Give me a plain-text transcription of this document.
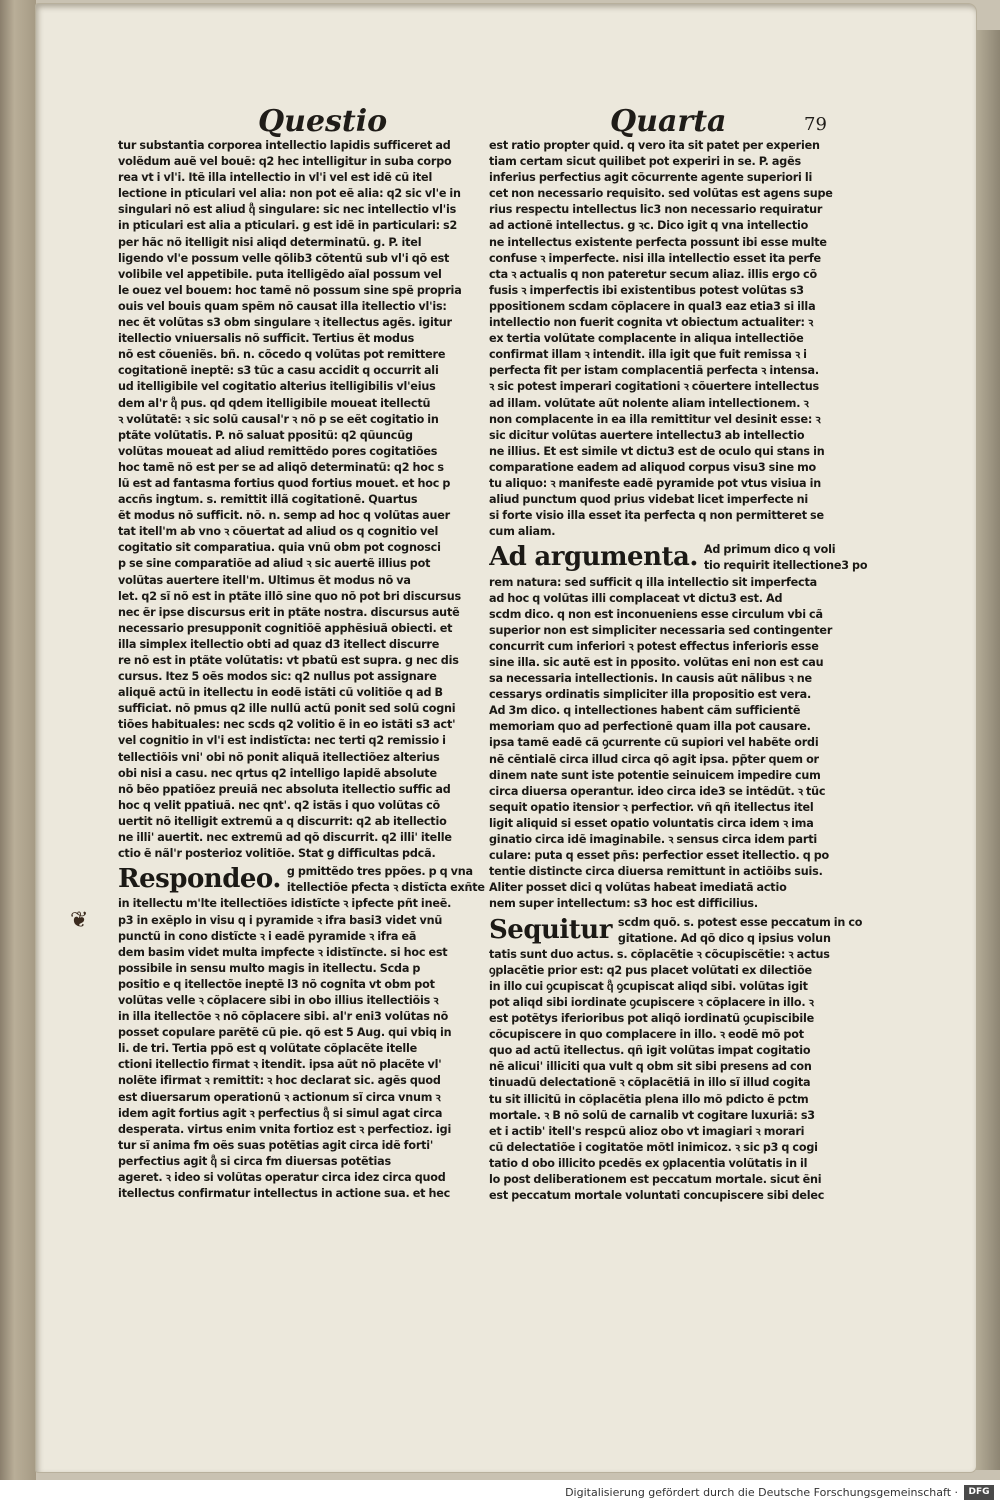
Questio	Quarta	79
❦
tur substantia corporea intellectio lapidis sufficeret ad
volẽdum auẽ vel bouẽ: q2 hec intelligitur in suba corpo
rea vt i vl'i. Itẽ illa intellectio in vl'i vel est idẽ cũ itel
lectione in pticulari vel alia: non pot eẽ alia: q2 sic vl'e in
singulari nõ est aliud qͣ singulare: sic nec intellectio vl'is
in pticulari est alia a pticulari. g est idẽ in particulari: s2
per hãc nõ itelligit nisi aliqd determinatũ. g. P. itel
ligendo vl'e possum velle qõlib3 cõtentũ sub vl'i qõ est
volibile vel appetibile. puta itelligẽdo aĩal possum vel
le ouez vel bouem: hoc tamẽ nõ possum sine spẽ propria
ouis vel bouis quam spẽm nõ causat illa itellectio vl'is:
nec ẽt volũtas s3 obm singulare ꝛ itellectus agẽs. igitur
itellectio vniuersalis nõ sufficit. Tertius ẽt modus
nõ est cõueniẽs. bñ. n. cõcedo q volũtas pot remittere
cogitationẽ ineptẽ: s3 tũc a casu accidit q occurrit ali
ud itelligibile vel cogitatio alterius itelligibilis vl'eius
dem al'r qͣ pus. qd qdem itelligibile moueat itellectũ
ꝛ volũtatẽ: ꝛ sic solũ causal'r ꝛ nõ p se eẽt cogitatio in
ptãte volũtatis. P. nõ saluat ppositũ: q2 qũuncũg
volũtas moueat ad aliud remittẽdo pores cogitatiões
hoc tamẽ nõ est per se ad aliqõ determinatũ: q2 hoc s
lũ est ad fantasma fortius quod fortius mouet. et hoc p
accñs ingtum. s. remittit illã cogitationẽ. Quartus
ẽt modus nõ sufficit. nõ. n. semp ad hoc q volũtas auer
tat itell'm ab vno ꝛ cõuertat ad aliud os q cognitio vel
cogitatio sit comparatiua. quia vnũ obm pot cognosci
p se sine comparatiõe ad aliud ꝛ sic auertẽ illius pot
volũtas auertere itell'm. Ultimus ẽt modus nõ va
let. q2 sĩ nõ est in ptãte illõ sine quo nõ pot bri discursus
nec ẽr ipse discursus erit in ptãte nostra. discursus autẽ
necessario presupponit cognitiõẽ apphẽsiuã obiecti. et
illa simplex itellectio obti ad quaz d3 itellect discurre
re nõ est in ptãte volũtatis: vt pbatũ est supra. g nec dis
cursus. Itez 5 oẽs modos sic: q2 nullus pot assignare
aliquẽ actũ in itellectu in eodẽ istãti cũ volitiõe q ad B
sufficiat. nõ pmus q2 ille nullũ actũ ponit sed solũ cogni
tiões habituales: nec scds q2 volitio ẽ in eo istãti s3 act'
vel cognitio in vl'i est indistĩcta: nec terti q2 remissio i
tellectiõis vni' obi nõ ponit aliquã itellectiõez alterius
obi nisi a casu. nec qrtus q2 intelligo lapidẽ absolute
nõ bẽo ppatiõez preuiã nec absoluta itellectio suffic ad
hoc q velit ppatiuã. nec qnt'. q2 istãs i quo volũtas cõ
uertit nõ itelligit extremũ a q discurrit: q2 ab itellectio
ne illi' auertit. nec extremũ ad qõ discurrit. q2 illi' itelle
ctio ẽ nãl'r posterioz volitiõe. Stat g difficultas pdcã.
Respondeo. g pmittẽdo tres ppões. p q vna
itellectiõe pfecta ꝛ distĩcta exñte
in itellectu m'lte itellectiões idistĩcte ꝛ ipfecte pñt ineẽ.
p3 in exẽplo in visu q i pyramide ꝛ ifra basi3 videt vnũ
punctũ in cono distĩcte ꝛ i eadẽ pyramide ꝛ ifra eã
dem basim videt multa impfecte ꝛ idistĩncte. si hoc est
possibile in sensu multo magis in itellectu. Scda p
positio e q itellectõe ineptẽ l3 nõ cognita vt obm pot
volũtas velle ꝛ cõplacere sibi in obo illius itellectiõis ꝛ
in illa itellectõe ꝛ nõ cõplacere sibi. al'r eni3 volũtas nõ
posset copulare parẽtẽ cũ pie. qõ est 5 Aug. qui vbiq in
li. de tri. Tertia ppõ est q volũtate cõplacẽte itelle
ctioni itellectio firmat ꝛ itendit. ipsa aũt nõ placẽte vl'
nolẽte ifirmat ꝛ remittit: ꝛ hoc declarat sic. agẽs quod
est diuersarum operationũ ꝛ actionum sĩ circa vnum ꝛ
idem agit fortius agit ꝛ perfectius qͣ si simul agat circa
desperata. virtus enim vnita fortioz est ꝛ perfectioz. igi
tur sĩ anima fm oẽs suas potẽtias agit circa idẽ forti'
perfectius agit qͣ si circa fm diuersas potẽtias
ageret. ꝛ ideo si volũtas operatur circa idez circa quod
itellectus confirmatur intellectus in actione sua. et hec
est ratio propter quid. q vero ita sit patet per experien
tiam certam sicut quilibet pot experiri in se. P. agẽs
inferius perfectius agit cõcurrente agente superiori li
cet non necessario requisito. sed volũtas est agens supe
rius respectu intellectus lic3 non necessario requiratur
ad actionẽ intellectus. g ꝛc. Dico igit q vna intellectio
ne intellectus existente perfecta possunt ibi esse multe
confuse ꝛ imperfecte. nisi illa intellectio esset ita perfe
cta ꝛ actualis q non pateretur secum aliaz. illis ergo cõ
fusis ꝛ imperfectis ibi existentibus potest volũtas s3
ppositionem scdam cõplacere in qual3 eaz etia3 si illa
intellectio non fuerit cognita vt obiectum actualiter: ꝛ
ex tertia volũtate complacente in aliqua intellectiõe
confirmat illam ꝛ intendit. illa igit que fuit remissa ꝛ i
perfecta fit per istam complacentiã perfecta ꝛ intensa.
ꝛ sic potest imperari cogitationi ꝛ cõuertere intellectus
ad illam. volũtate aũt nolente aliam intellectionem. ꝛ
non complacente in ea illa remittitur vel desinit esse: ꝛ
sic dicitur volũtas auertere intellectu3 ab intellectio
ne illius. Et est simile vt dictu3 est de oculo qui stans in
comparatione eadem ad aliquod corpus visu3 sine mo
tu aliquo: ꝛ manifeste eadẽ pyramide pot vtus visiua in
aliud punctum quod prius videbat licet imperfecte ni
si forte visio illa esset ita perfecta q non permitteret se
cum aliam.
Ad argumenta. Ad primum dico q voli
tio requirit itellectione3 po
rem natura: sed sufficit q illa intellectio sit imperfecta
ad hoc q volũtas illi complaceat vt dictu3 est. Ad
scdm dico. q non est inconueniens esse circulum vbi cã
superior non est simpliciter necessaria sed contingenter
concurrit cum inferiori ꝛ potest effectus inferioris esse
sine illa. sic autẽ est in pposito. volũtas eni non est cau
sa necessaria intellectionis. In causis aũt nãlibus ꝛ ne
cessarys ordinatis simpliciter illa propositio est vera.
Ad 3m dico. q intellectiones habent cãm sufficientẽ
memoriam quo ad perfectionẽ quam illa pot causare.
ipsa tamẽ eadẽ cã ꝯcurrente cũ supiori vel habẽte ordi
nẽ cẽntialẽ circa illud circa qõ agit ipsa. pp̃ter quem or
dinem nate sunt iste potentie seinuicem impedire cum
circa diuersa operantur. ideo circa ide3 se intẽdũt. ꝛ tũc
sequit opatio itensior ꝛ perfectior. vñ qñ itellectus itel
ligit aliquid si esset opatio voluntatis circa idem ꝛ ima
ginatio circa idẽ imaginabile. ꝛ sensus circa idem parti
culare: puta q esset pñs: perfectior esset itellectio. q po
tentie distincte circa diuersa remittunt in actiõibs suis.
Aliter posset dici q volũtas habeat imediatã actio
nem super intellectum: s3 hoc est difficilius.
Sequitur scdm quõ. s. potest esse peccatum in co
gitatione. Ad qõ dico q ipsius volun
tatis sunt duo actus. s. cõplacẽtie ꝛ cõcupiscẽtie: ꝛ actus
ꝯplacẽtie prior est: q2 pus placet volũtati ex dilectiõe
in illo cui ꝯcupiscat qͣ ꝯcupiscat aliqd sibi. volũtas igit
pot aliqd sibi iordinate ꝯcupiscere ꝛ cõplacere in illo. ꝛ
est potẽtys iferioribus pot aliqõ iordinatũ ꝯcupiscibile
cõcupiscere in quo complacere in illo. ꝛ eodẽ mõ pot
quo ad actũ itellectus. qñ igit volũtas impat cogitatio
nẽ alicui' illiciti qua vult q obm sit sibi presens ad con
tinuadũ delectationẽ ꝛ cõplacẽtiã in illo sĩ illud cogita
tu sit illicitũ in cõplacẽtia plena illo mõ pdicto ẽ pctm
mortale. ꝛ B nõ solũ de carnalib vt cogitare luxuriã: s3
et i actib' itell's respcũ alioz obo vt imagiari ꝛ morari
cũ delectatiõe i cogitatõe mõtl inimicoz. ꝛ sic p3 q cogi
tatio d obo illicito pcedẽs ex ꝯplacentia volũtatis in il
lo post deliberationem est peccatum mortale. sicut ẽni
est peccatum mortale voluntati concupiscere sibi delec
Digitalisierung gefördert durch die Deutsche Forschungsgemeinschaft ·	DFG
